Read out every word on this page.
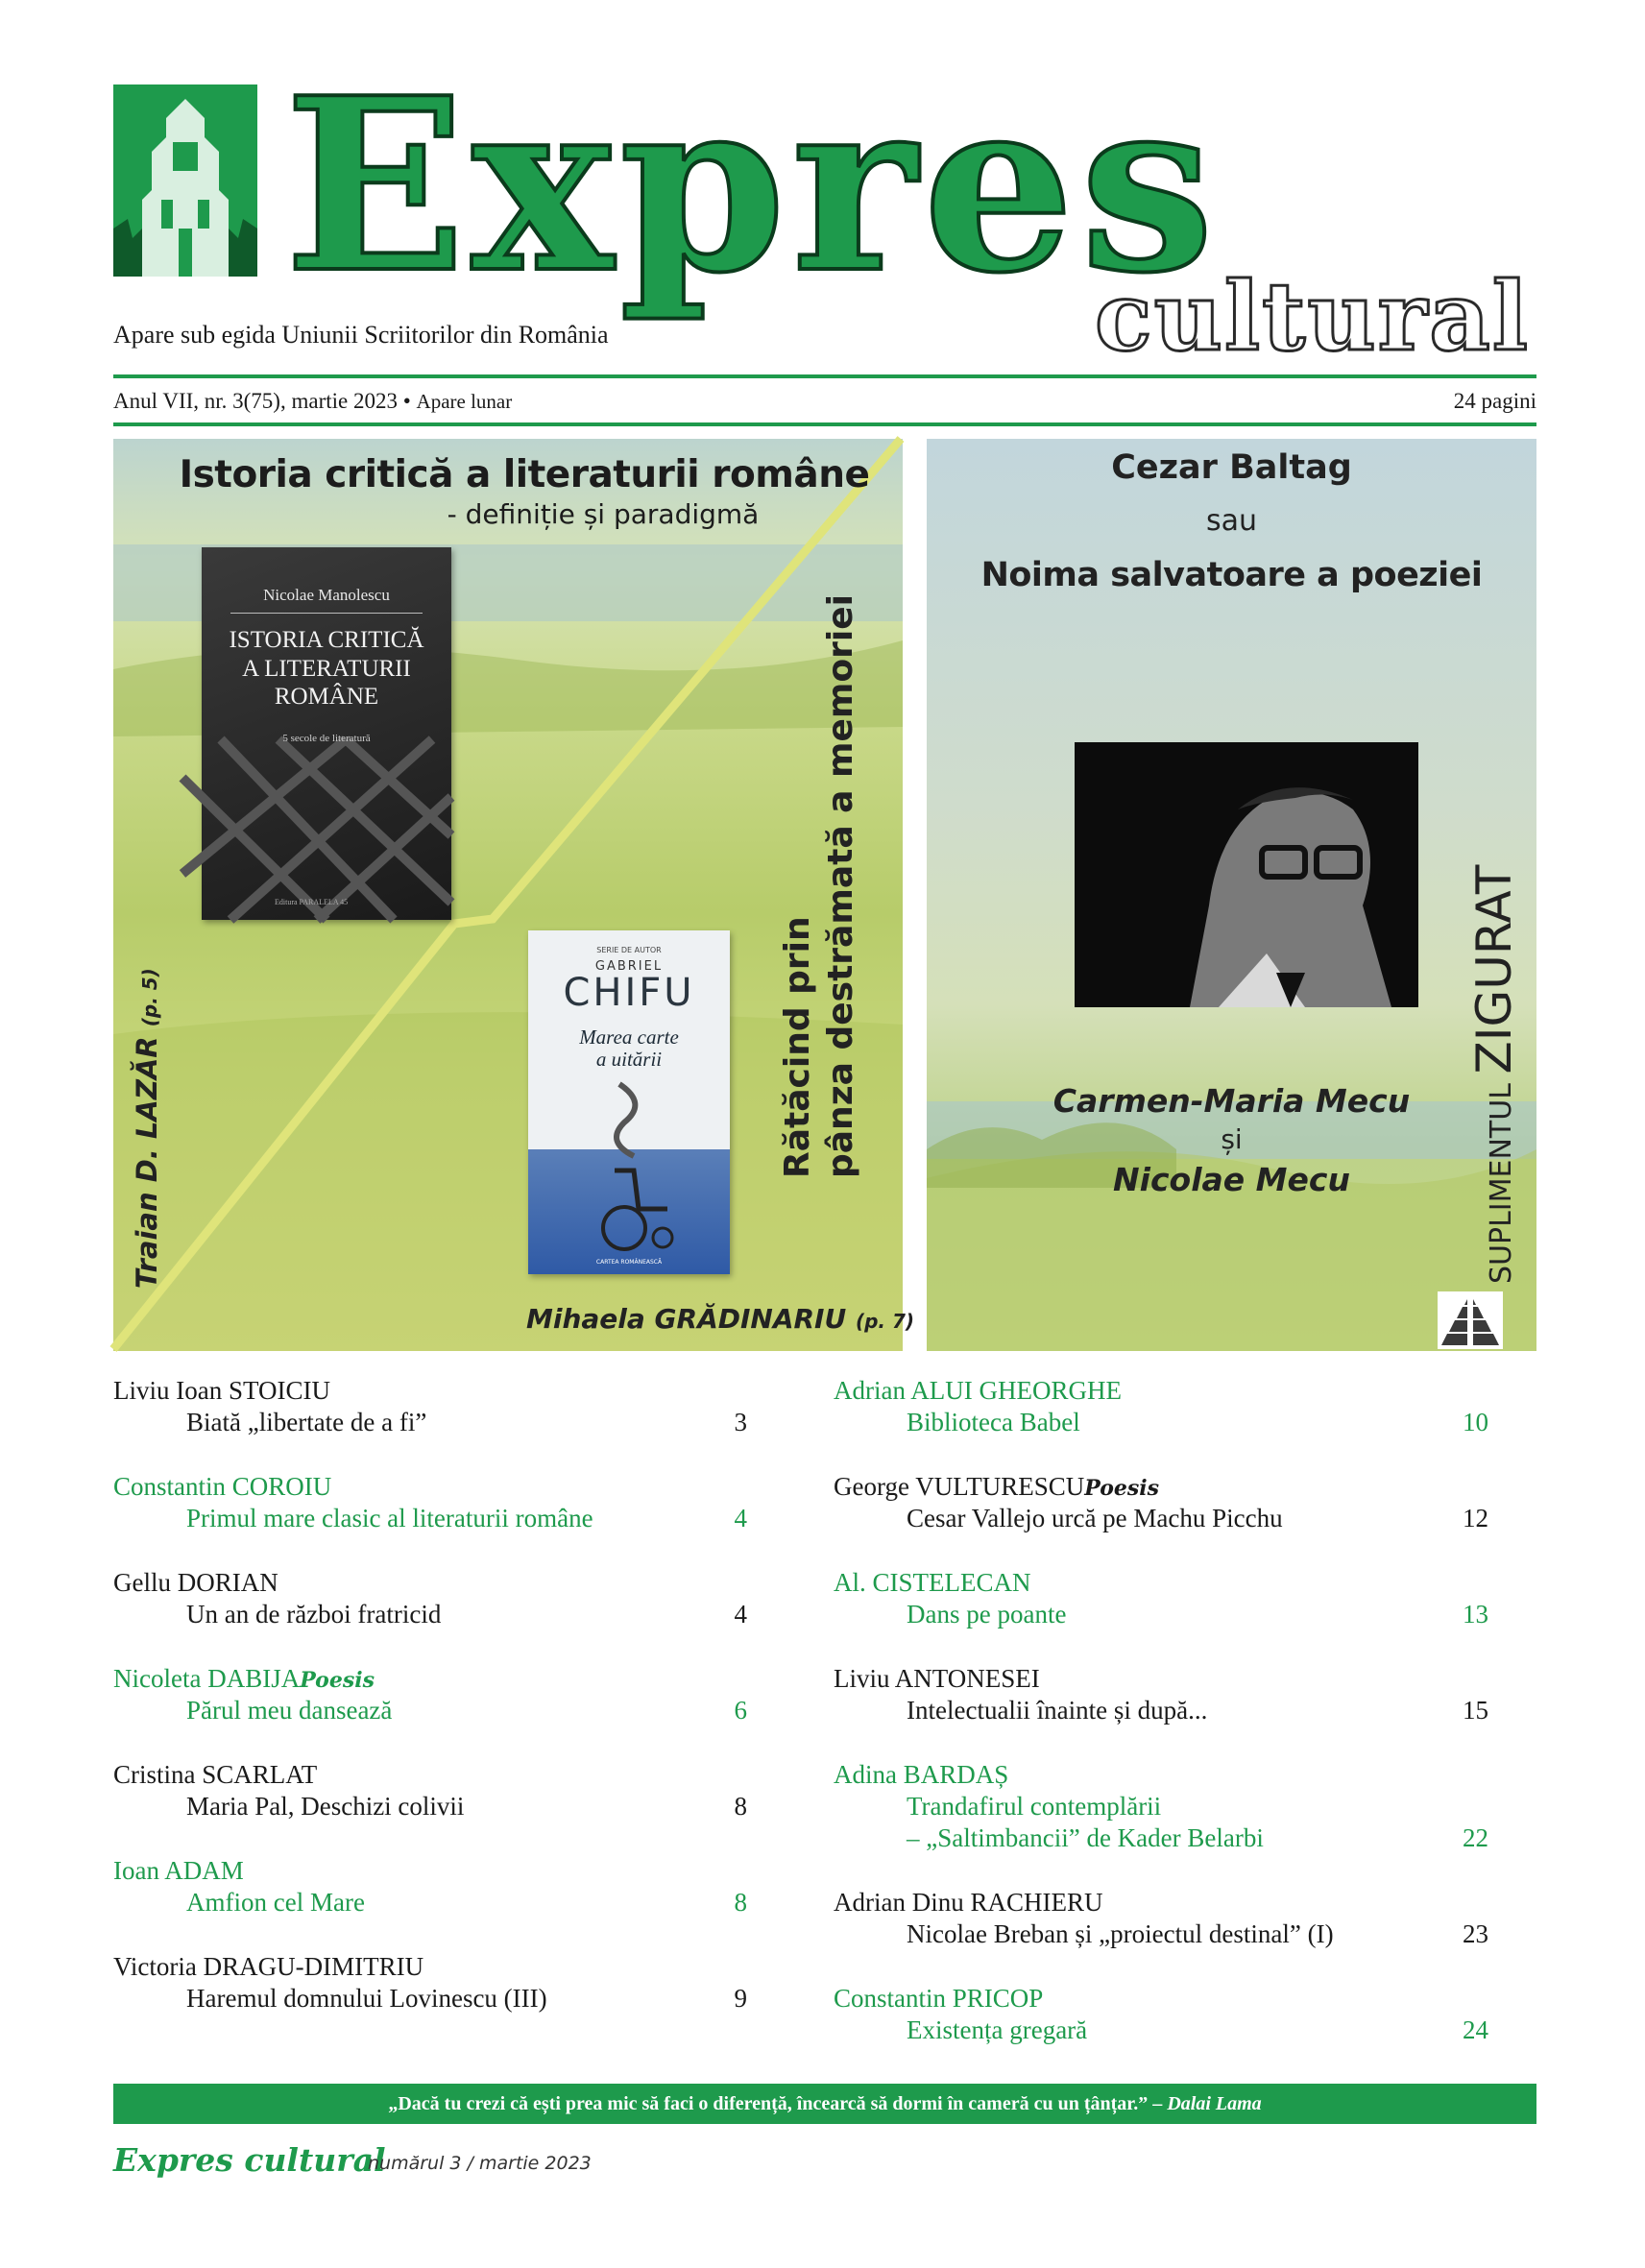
Expres
cultural
Apare sub egida Uniunii Scriitorilor din România
Anul VII, nr. 3(75), martie 2023 • Apare lunar	24 pagini
Istoria critică a literaturii române
- definiție și paradigmă
Nicolae Manolescu
ISTORIA CRITICĂ
A LITERATURII
ROMÂNE
5 secole de literatură
Editura PARALELA 45
SERIE DE AUTOR
GABRIEL
CHIFU
Marea carte
a uitării
CARTEA ROMÂNEASCĂ
Rătăcind prin
pânza destrămată a memoriei
Traian D. LAZĂR (p. 5)
Mihaela GRĂDINARIU (p. 7)
Cezar Baltag
sau
Noima salvatoare a poeziei
Carmen-Maria Mecu
și
Nicolae Mecu	SUPLIMENTUL ZIGURAT
Liviu Ioan STOICIU
Biată „libertate de a fi”	3
Constantin COROIU
Primul mare clasic al literaturii române	4
Gellu DORIAN
Un an de război fratricid	4
Nicoleta DABIJAPoesis
Părul meu dansează	6
Cristina SCARLAT
Maria Pal, Deschizi colivii	8
Ioan ADAM
Amfion cel Mare	8
Victoria DRAGU-DIMITRIU
Haremul domnului Lovinescu (III)	9
Adrian ALUI GHEORGHE
Biblioteca Babel	10
George VULTURESCUPoesis
Cesar Vallejo urcă pe Machu Picchu	12
Al. CISTELECAN
Dans pe poante	13
Liviu ANTONESEI
Intelectualii înainte și după...	15
Adina BARDAȘ
Trandafirul contemplării
– „Saltimbancii” de Kader Belarbi	22
Adrian Dinu RACHIERU
Nicolae Breban și „proiectul destinal” (I)	23
Constantin PRICOP
Existența gregară	24
„Dacă tu crezi că ești prea mic să faci o diferență, încearcă să dormi în cameră cu un țânțar.” – Dalai Lama
Expres cultural
numărul 3 / martie 2023
